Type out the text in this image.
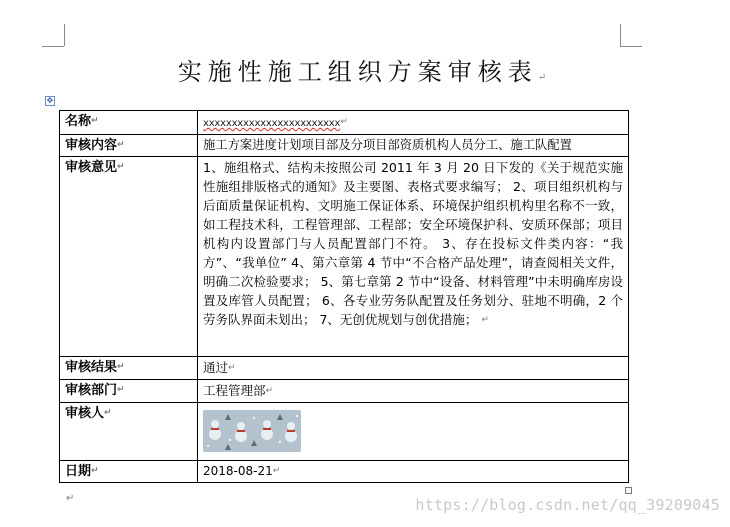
实施性施工组织方案审核表↵
✥
名称↵	xxxxxxxxxxxxxxxxxxxxxxxx↵
审核内容↵	施工方案进度计划项目部及分项目部资质机构人员分工、施工队配置
审核意见↵	1、施组格式、结构未按照公司 2011 年 3 月 20 日下发的《关于规范实施性施组排版格式的通知》及主要图、表格式要求编写； 2、项目组织机构与后面质量保证机构、文明施工保证体系、环境保护组织机构里名称不一致，如工程技术科，工程管理部、工程部；安全环境保护科、安质环保部；项目机构内设置部门与人员配置部门不符。 3、存在投标文件类内容：“我方”、“我单位” 4、第六章第 4 节中“不合格产品处理”，请查阅相关文件，明确二次检验要求； 5、第七章第 2 节中“设备、材料管理”中未明确库房设置及库管人员配置； 6、各专业劳务队配置及任务划分、驻地不明确，2 个劳务队界面未划出； 7、无创优规划与创优措施； ↵
审核结果↵	通过↵
审核部门↵	工程管理部↵
审核人↵	

日期↵	2018-08-21↵
↵	https://blog.csdn.net/qq_39209045
